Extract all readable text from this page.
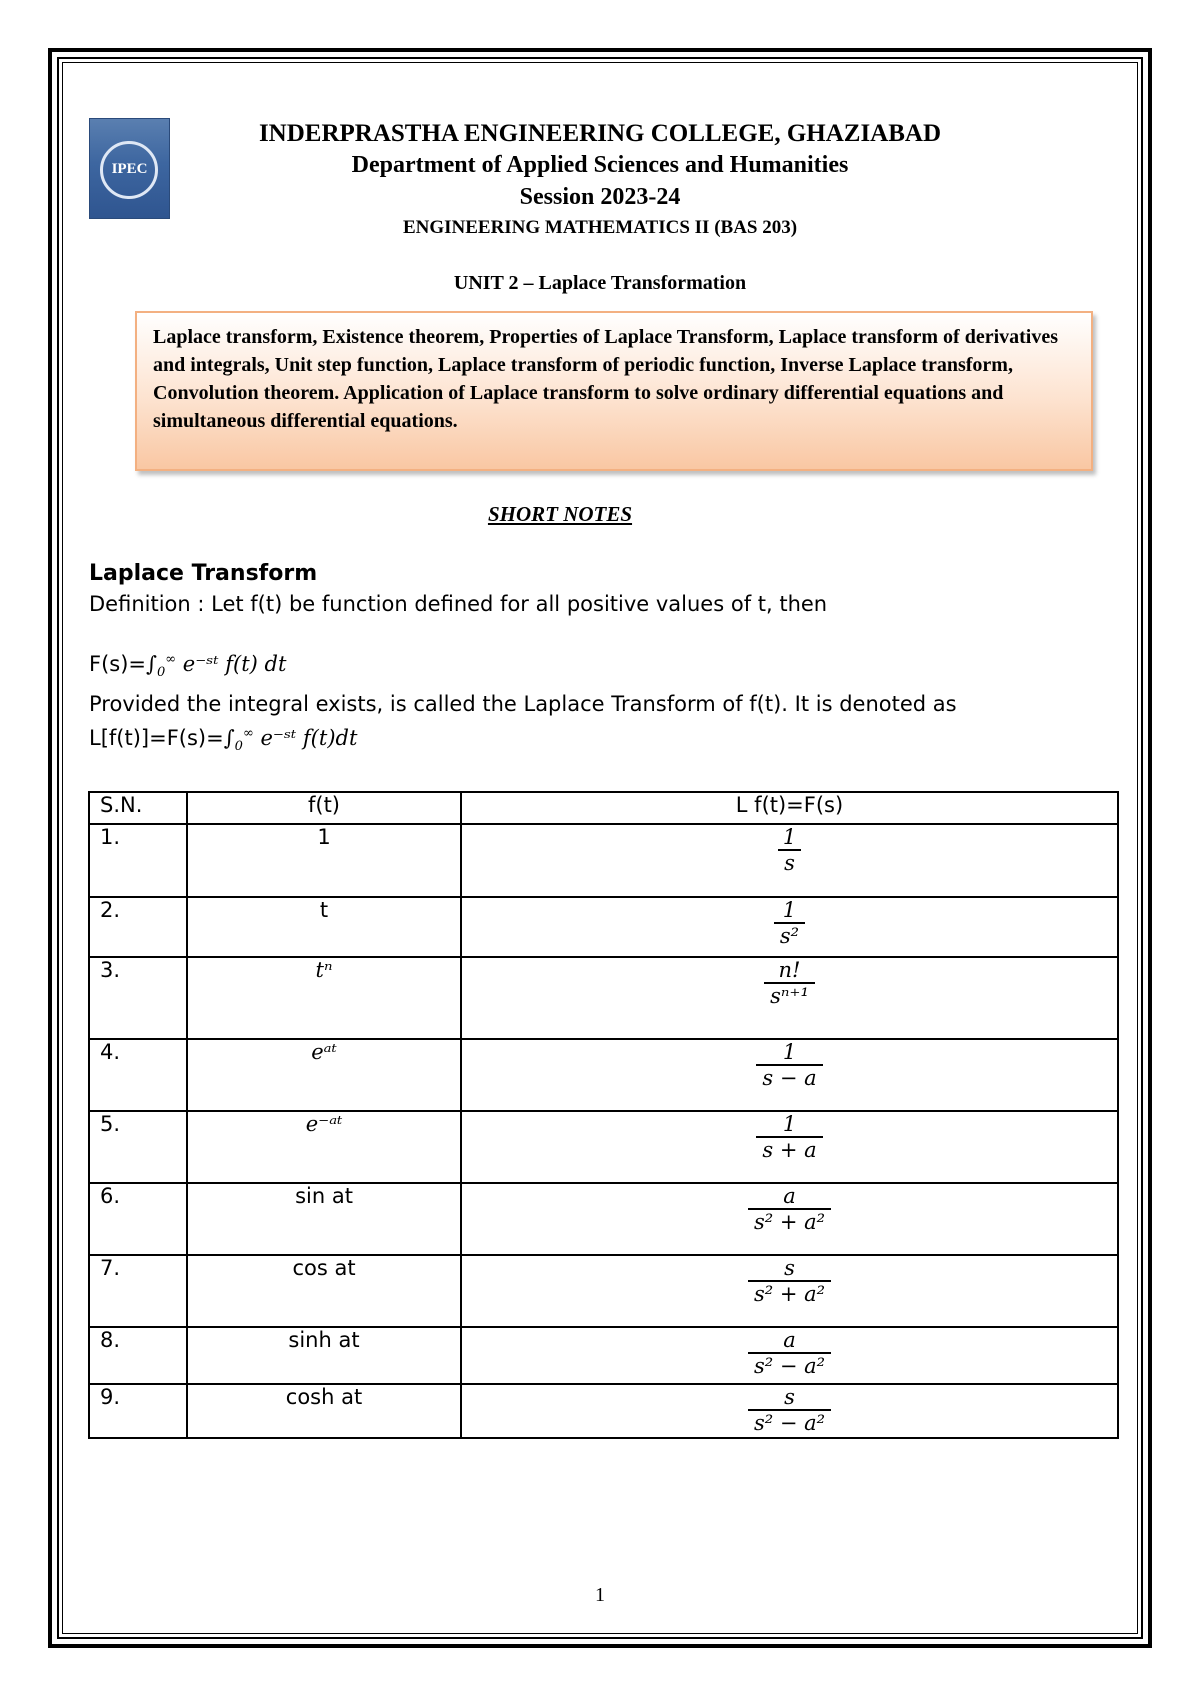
IPEC
INDERPRASTHA ENGINEERING COLLEGE, GHAZIABAD
Department of Applied Sciences and Humanities
Session 2023-24
ENGINEERING MATHEMATICS II (BAS 203)
UNIT 2 – Laplace Transformation
Laplace transform, Existence theorem, Properties of Laplace Transform, Laplace transform of derivatives and integrals, Unit step function, Laplace transform of periodic function, Inverse Laplace transform, Convolution theorem. Application of Laplace transform to solve ordinary differential equations and simultaneous differential equations.
SHORT NOTES
Laplace Transform
Definition : Let f(t) be function defined for all positive values of t, then
$F(s)=\int_0^\infty$ e⁻ˢᵗ f(t) dt
Provided the integral exists, is called the Laplace Transform of f(t). It is denoted as
$L[f(t)]=F(s)=\int_0^\infty$ e⁻ˢᵗ f(t)dt
S.N.	f(t)	L f(t)=F(s)
1.	1	$\frac{1}{s}$

2.	t	$\frac{1}{\text{s²}}$

3.	tⁿ	$\frac{n!}{\text{sⁿ⁺¹}}$

4.	eᵃᵗ	$\frac{1}{s - a}$

5.	e⁻ᵃᵗ	$\frac{1}{s + a}$

6.	sin at	$\frac{a}{\text{s² + a²}}$

7.	cos at	$\frac{s}{\text{s² + a²}}$

8.	sinh at	$\frac{a}{\text{s² − a²}}$

9.	cosh at	$\frac{s}{\text{s² − a²}}$
1
